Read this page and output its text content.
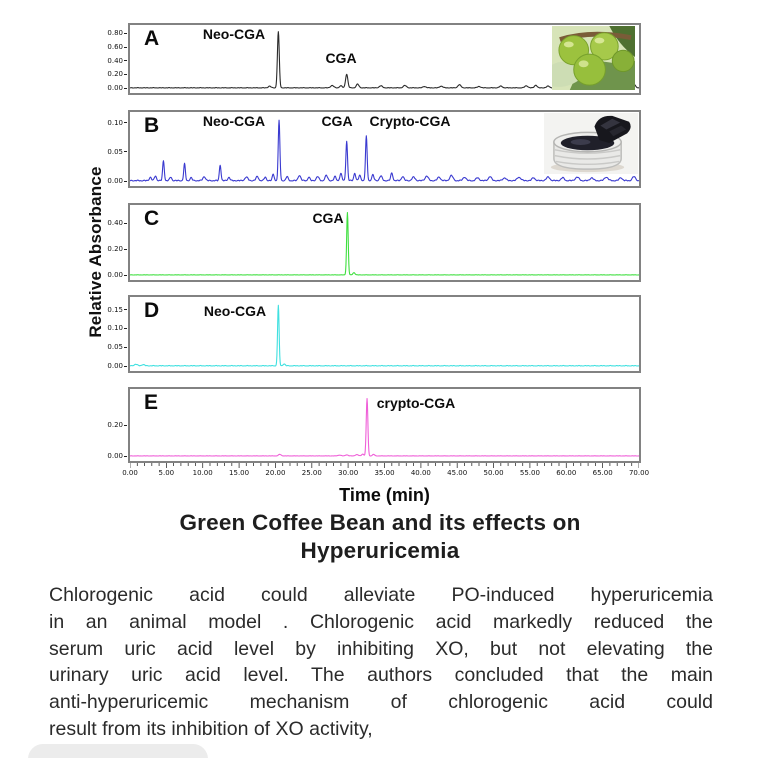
Relative Absorbance
A	Neo-CGA
CGA
0.80
0.60
0.40
0.20
0.00
B	Neo-CGA	CGA Crypto-CGA
0.10
0.05
0.00
C	CGA
0.40
0.20
0.00
D	Neo-CGA
0.15
0.10
0.05
0.00
E	crypto-CGA
0.20
0.00
0.00	5.00	10.00 15.00 20.00 25.00 30.00 35.00 40.00 45.00 50.00 55.00 60.00 65.00 70.00
Time (min)
Green Coffee Bean and its effects on
Hyperuricemia
Chlorogenic acid could alleviate PO-induced hyperuricemia
in an animal model . Chlorogenic acid markedly reduced the
serum uric acid level by inhibiting XO, but not elevating the
urinary uric acid level. The authors concluded that the main
anti-hyperuricemic mechanism of chlorogenic acid could
result from its inhibition of XO activity,
